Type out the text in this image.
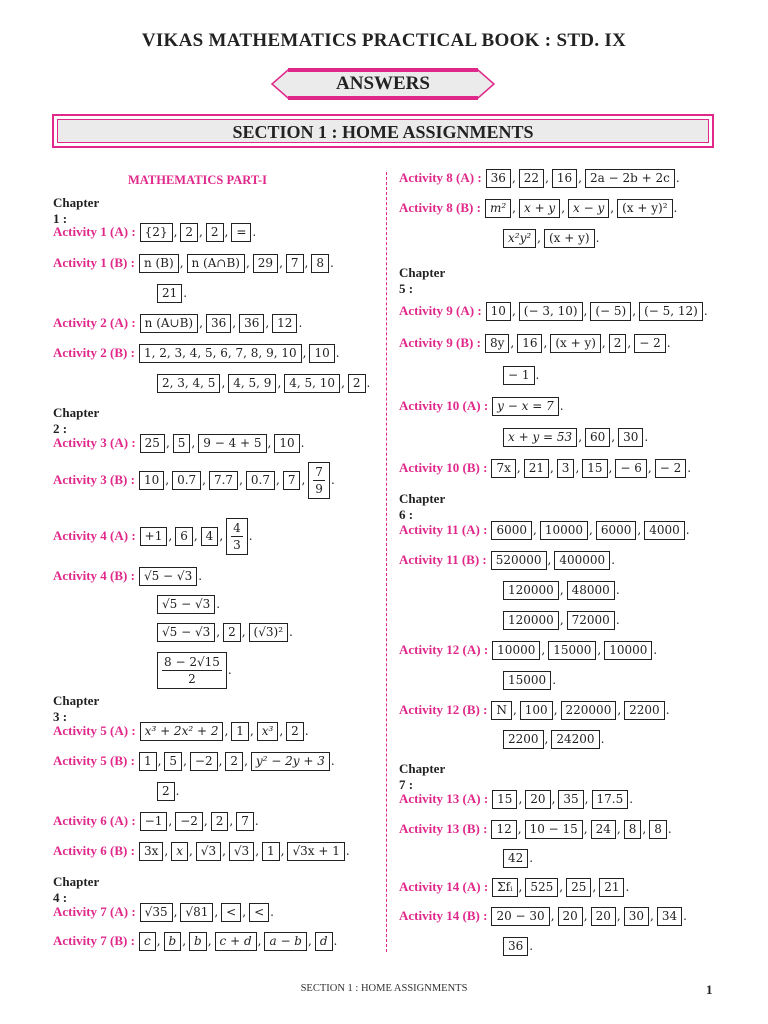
VIKAS MATHEMATICS PRACTICAL BOOK : STD. IX
ANSWERS
SECTION 1 : HOME ASSIGNMENTS
MATHEMATICS PART-I
Chapter 1 :
Chapter 2 :
Chapter 3 :
Chapter 4 :
Activity 1 (A) : {2} , 2 , 2 , = .
Activity 1 (B) : n (B) , n (A∩B) , 29 , 7 , 8 .
21 .
Activity 2 (A) : n (A∪B) , 36 , 36 , 12 .
Activity 2 (B) : 1, 2, 3, 4, 5, 6, 7, 8, 9, 10 , 10 .
2, 3, 4, 5 , 4, 5, 9 , 4, 5, 10 , 2 .
Activity 3 (A) : 25 , 5 , 9 − 4 + 5 , 10 .
Activity 3 (B) : 10 , 0.7 , 7.7 , 0.7 , 7 , $\frac{7}{9}$ .
Activity 4 (A) : +1 , 6 , 4 , $\frac{4}{3}$ .
Activity 4 (B) : √5 − √3 .
√5 − √3 .
√5 − √3 , 2 , (√3)² .
$\frac{8 - 2√15}{2}$ .
Activity 5 (A) : x³ + 2x² + 2 , 1 , x³ , 2 .
Activity 5 (B) : 1 , 5 , −2 , 2 , y² − 2y + 3 .
2 .
Activity 6 (A) : −1 , −2 , 2 , 7 .
Activity 6 (B) : 3x , x , √3 , √3 , 1 , √3x + 1 .
Activity 7 (A) : √35 , √81 , < , < .
Activity 7 (B) : c , b , b , c + d , a − b , d .
Chapter 5 :
Chapter 6 :
Chapter 7 :
Activity 8 (A) : 36 , 22 , 16 , 2a − 2b + 2c .
Activity 8 (B) : m² , x + y , x − y , (x + y)² .
x²y² , (x + y) .
Activity 9 (A) : 10 , (− 3, 10) , (− 5) , (− 5, 12) .
Activity 9 (B) : 8y , 16 , (x + y) , 2 , − 2 .
− 1 .
Activity 10 (A) : y − x = 7 .
x + y = 53 , 60 , 30 .
Activity 10 (B) : 7x , 21 , 3 , 15 , − 6 , − 2 .
Activity 11 (A) : 6000 , 10000 , 6000 , 4000 .
Activity 11 (B) : 520000 , 400000 .
120000 , 48000 .
120000 , 72000 .
Activity 12 (A) : 10000 , 15000 , 10000 .
15000 .
Activity 12 (B) : N , 100 , 220000 , 2200 .
2200 , 24200 .
Activity 13 (A) : 15 , 20 , 35 , 17.5 .
Activity 13 (B) : 12 , 10 − 15 , 24 , 8 , 8 .
42 .
Activity 14 (A) : Σfᵢ , 525 , 25 , 21 .
Activity 14 (B) : 20 − 30 , 20 , 20 , 30 , 34 .
36 .
SECTION 1 : HOME ASSIGNMENTS	1
